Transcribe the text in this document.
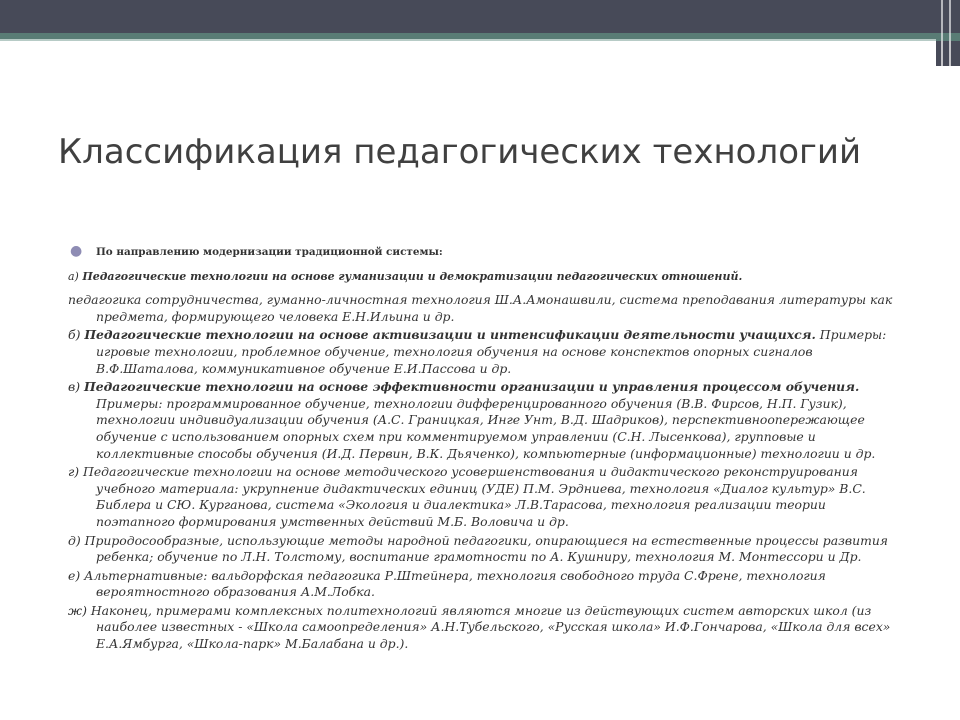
Классификация педагогических технологий
● По направлению модернизации традиционной системы:

а) Педагогические технологии на основе гуманизации и демократизации педагогических отношений.

педагогика сотрудничества, гуманно-личностная технология Ш.А.Амонашвили, система преподавания литературы как предмета, формирующего человека Е.Н.Ильина и др.

б) Педагогические технологии на основе активизации и интенсификации деятельности учащихся. Примеры: игровые технологии, проблемное обучение, технология обучения на основе конспектов опорных сигналов В.Ф.Шаталова, коммуникативное обучение Е.И.Пассова и др.

в) Педагогические технологии на основе эффективности организации и управления процессом обучения. Примеры: программированное обучение, технологии дифференцированного обучения (В.В. Фирсов, Н.П. Гузик), технологии индивидуализации обучения (А.С. Границкая, Инге Унт, В.Д. Шадриков), перспективноопережающее обучение с использованием опорных схем при комментируемом управлении (С.Н. Лысенкова), групповые и коллективные способы обучения (И.Д. Первин, В.К. Дьяченко), компьютерные (информационные) технологии и др.

г) Педагогические технологии на основе методического усовершенствования и дидактического реконструирования учебного материала: укрупнение дидактических единиц (УДЕ) П.М. Эрдниева, технология «Диалог культур» В.С. Библера и СЮ. Курганова, система «Экология и диалектика» Л.В.Тарасова, технология реализации теории поэтапного формирования умственных действий М.Б. Воловича и др.

д) Природосообразные, использующие методы народной педагогики, опирающиеся на естественные процессы развития ребенка; обучение по Л.Н. Толстому, воспитание грамотности по А. Кушниру, технология М. Монтессори и Др.

е) Альтернативные: вальдорфская педагогика Р.Штейнера, технология свободного труда С.Френе, технология вероятностного образования А.М.Лобка.

ж) Наконец, примерами комплексных политехнологий являются многие из действующих систем авторских школ (из наиболее известных - «Школа самоопределения» А.Н.Тубельского, «Русская школа» И.Ф.Гончарова, «Школа для всех» Е.А.Ямбурга, «Школа-парк» М.Балабана и др.).
